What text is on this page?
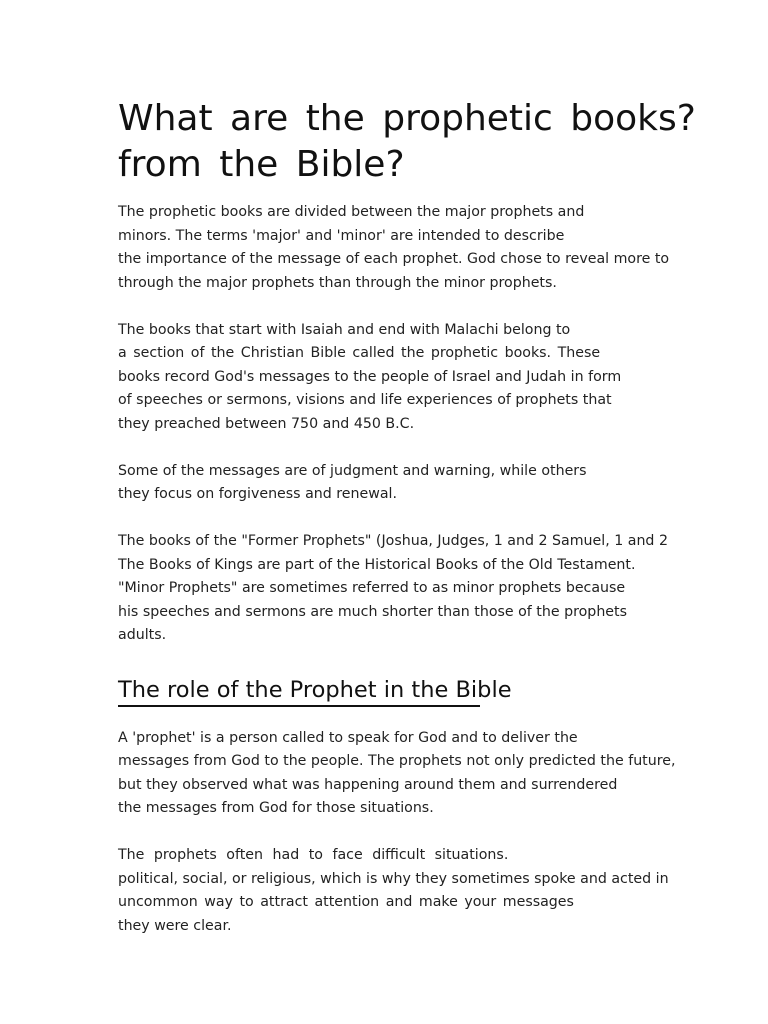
What are the prophetic books?
from the Bible?

The prophetic books are divided between the major prophets and
minors. The terms 'major' and 'minor' are intended to describe
the importance of the message of each prophet. God chose to reveal more to
through the major prophets than through the minor prophets.

The books that start with Isaiah and end with Malachi belong to
a section of the Christian Bible called the prophetic books. These
books record God's messages to the people of Israel and Judah in form
of speeches or sermons, visions and life experiences of prophets that
they preached between 750 and 450 B.C.

Some of the messages are of judgment and warning, while others
they focus on forgiveness and renewal.

The books of the "Former Prophets" (Joshua, Judges, 1 and 2 Samuel, 1 and 2
The Books of Kings are part of the Historical Books of the Old Testament.
"Minor Prophets" are sometimes referred to as minor prophets because
his speeches and sermons are much shorter than those of the prophets
adults.

The role of the Prophet in the Bible

A 'prophet' is a person called to speak for God and to deliver the
messages from God to the people. The prophets not only predicted the future,
but they observed what was happening around them and surrendered
the messages from God for those situations.

The prophets often had to face difficult situations.
political, social, or religious, which is why they sometimes spoke and acted in
uncommon way to attract attention and make your messages
they were clear.
